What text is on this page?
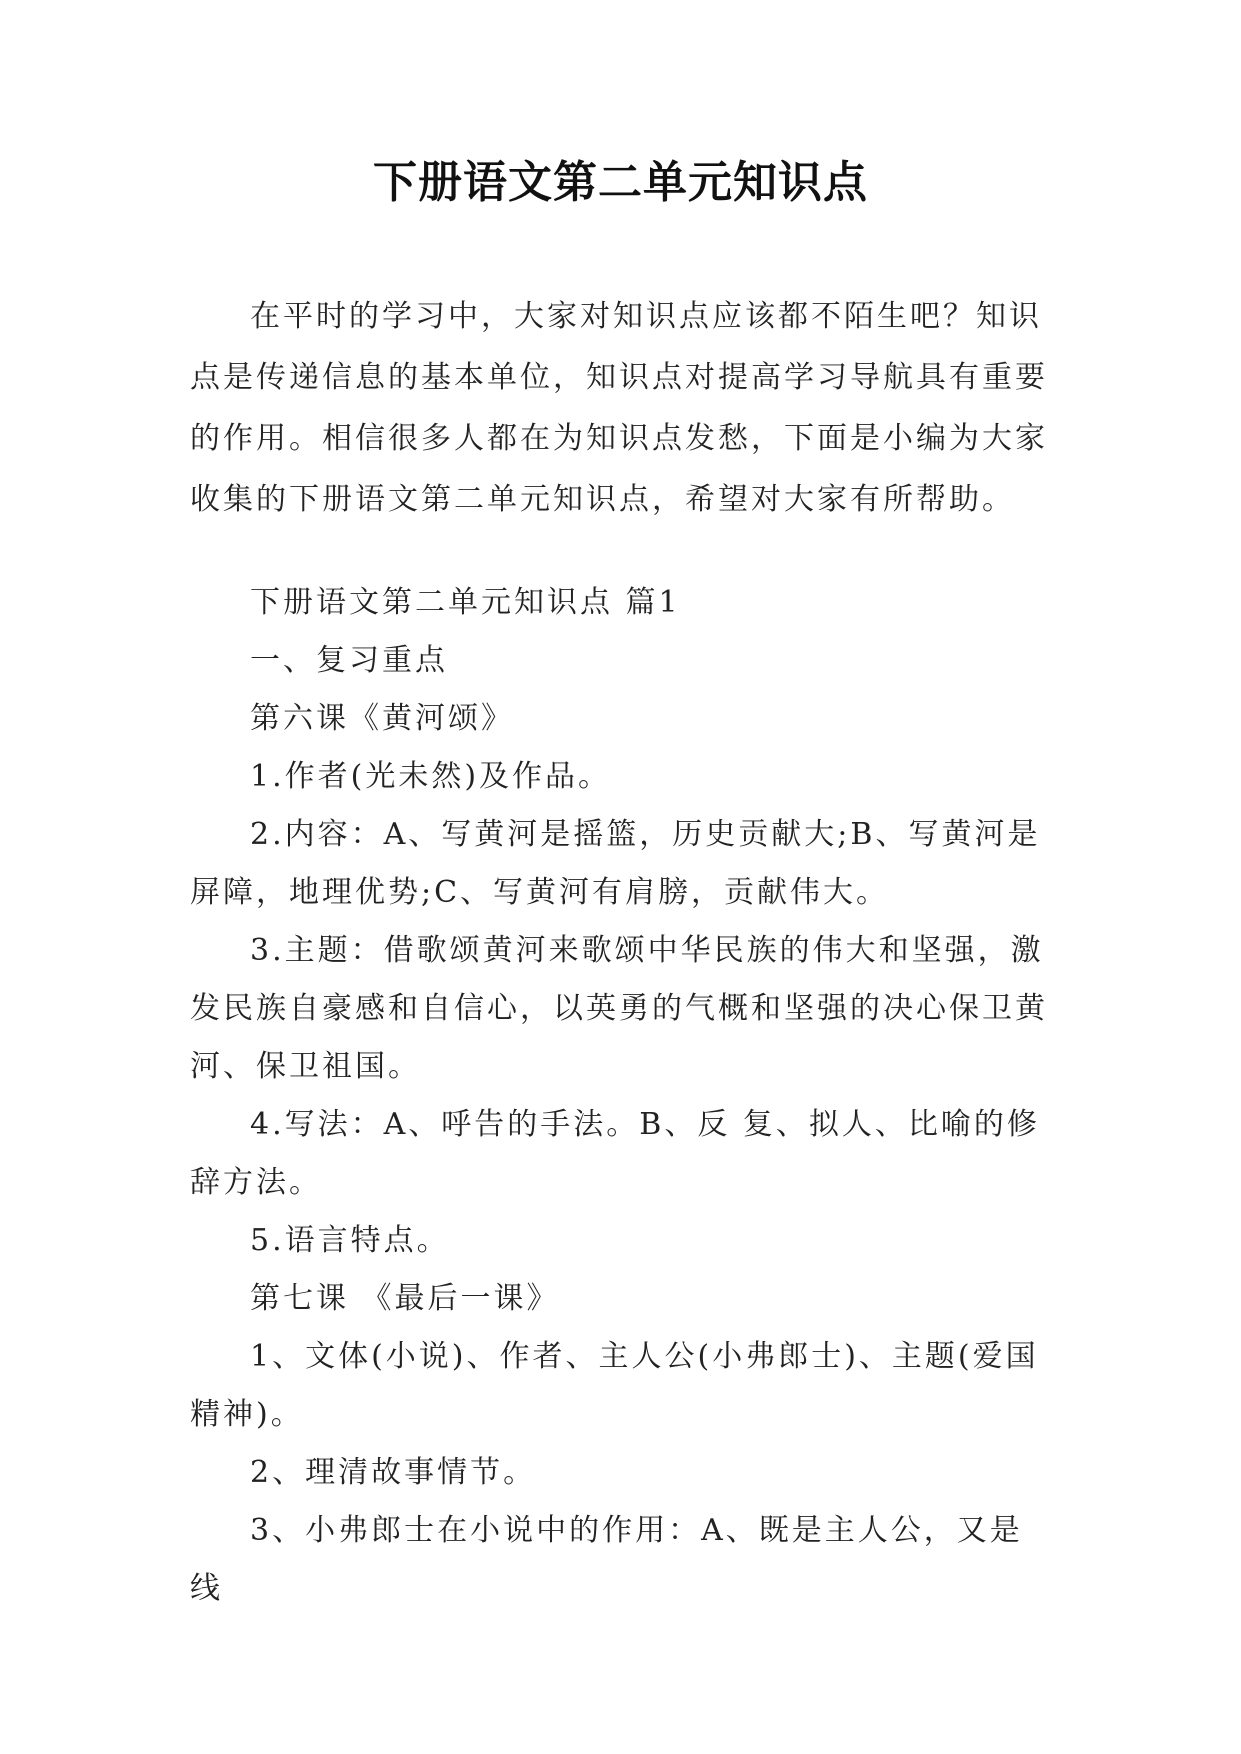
下册语文第二单元知识点

在平时的学习中，大家对知识点应该都不陌生吧？知识点是传递信息的基本单位，知识点对提高学习导航具有重要的作用。相信很多人都在为知识点发愁，下面是小编为大家收集的下册语文第二单元知识点，希望对大家有所帮助。

下册语文第二单元知识点 篇1

一、复习重点

第六课《黄河颂》

1.作者(光未然)及作品。

2.内容：A、写黄河是摇篮，历史贡献大;B、写黄河是屏障，地理优势;C、写黄河有肩膀，贡献伟大。

3.主题：借歌颂黄河来歌颂中华民族的伟大和坚强，激发民族自豪感和自信心，以英勇的气概和坚强的决心保卫黄河、保卫祖国。

4.写法：A、呼告的手法。B、反 复、拟人、比喻的修辞方法。

5.语言特点。

第七课 《最后一课》

1、文体(小说)、作者、主人公(小弗郎士)、主题(爱国精神)。

2、理清故事情节。

3、小弗郎士在小说中的作用：A、既是主人公，又是线
